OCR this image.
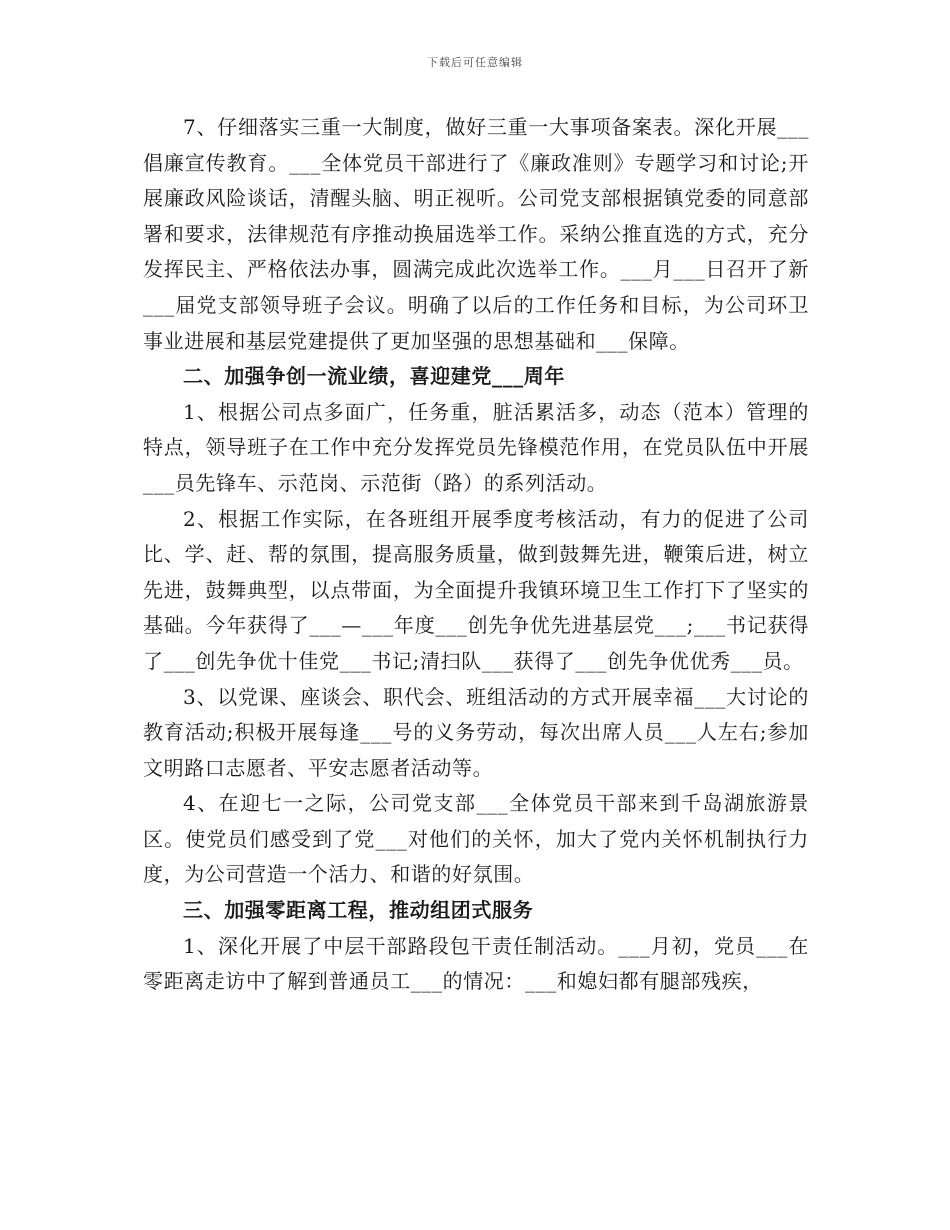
下载后可任意编辑

7、仔细落实三重一大制度，做好三重一大事项备案表。深化开展___倡廉宣传教育。___全体党员干部进行了《廉政准则》专题学习和讨论;开展廉政风险谈话，清醒头脑、明正视听。公司党支部根据镇党委的同意部署和要求，法律规范有序推动换届选举工作。采纳公推直选的方式，充分发挥民主、严格依法办事，圆满完成此次选举工作。___月___日召开了新___届党支部领导班子会议。明确了以后的工作任务和目标，为公司环卫事业进展和基层党建提供了更加坚强的思想基础和___保障。

二、加强争创一流业绩，喜迎建党___周年

1、根据公司点多面广，任务重，脏活累活多，动态（范本）管理的特点，领导班子在工作中充分发挥党员先锋模范作用，在党员队伍中开展___员先锋车、示范岗、示范街（路）的系列活动。

2、根据工作实际，在各班组开展季度考核活动，有力的促进了公司比、学、赶、帮的氛围，提高服务质量，做到鼓舞先进，鞭策后进，树立先进，鼓舞典型，以点带面，为全面提升我镇环境卫生工作打下了坚实的基础。今年获得了___—___年度___创先争优先进基层党___;___书记获得了___创先争优十佳党___书记;清扫队___获得了___创先争优优秀___员。

3、以党课、座谈会、职代会、班组活动的方式开展幸福___大讨论的教育活动;积极开展每逢___号的义务劳动，每次出席人员___人左右;参加文明路口志愿者、平安志愿者活动等。

4、在迎七一之际，公司党支部___全体党员干部来到千岛湖旅游景区。使党员们感受到了党___对他们的关怀，加大了党内关怀机制执行力度，为公司营造一个活力、和谐的好氛围。

三、加强零距离工程，推动组团式服务

1、深化开展了中层干部路段包干责任制活动。___月初，党员___在零距离走访中了解到普通员工___的情况：___和媳妇都有腿部残疾，
